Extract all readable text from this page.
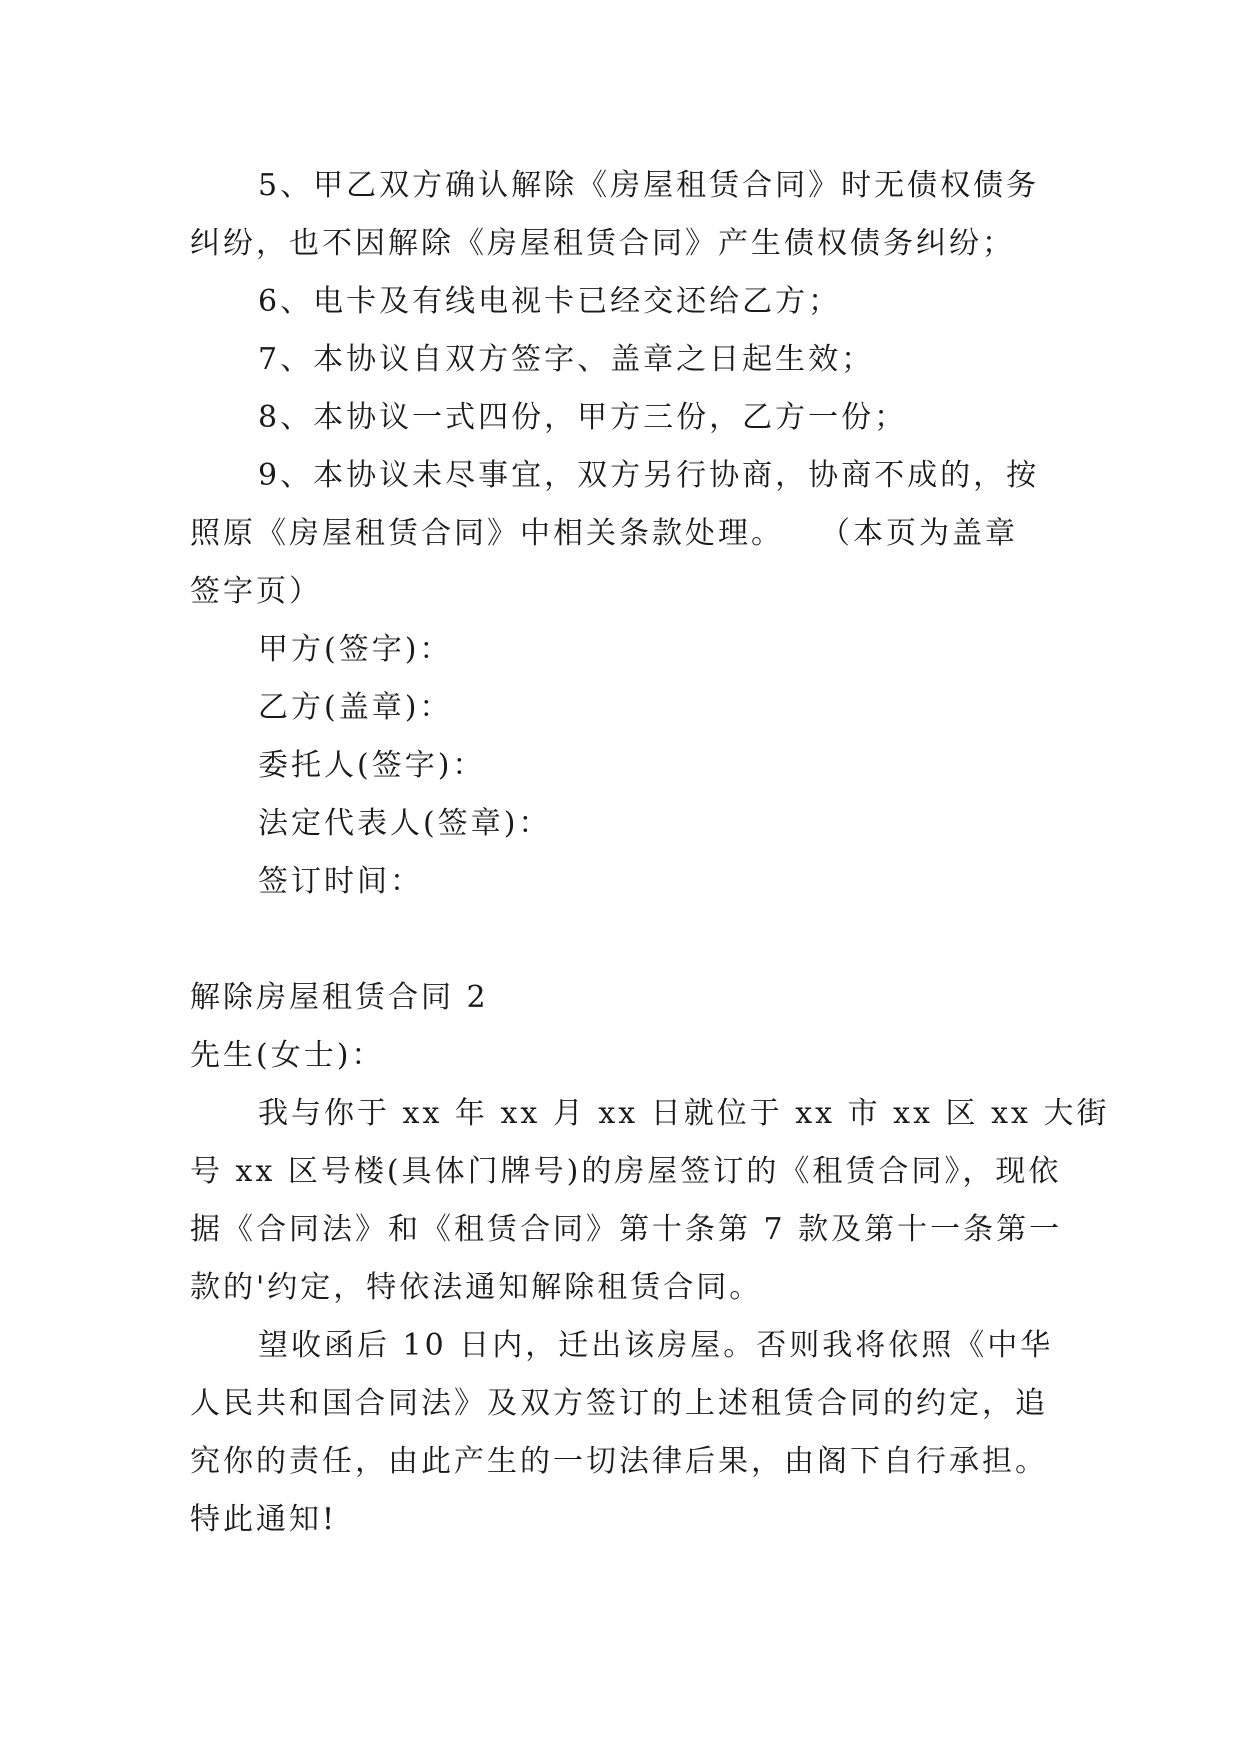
5、甲乙双方确认解除《房屋租赁合同》时无债权债务
纠纷，也不因解除《房屋租赁合同》产生债权债务纠纷；
6、电卡及有线电视卡已经交还给乙方；
7、本协议自双方签字、盖章之日起生效；
8、本协议一式四份，甲方三份，乙方一份；
9、本协议未尽事宜，双方另行协商，协商不成的，按
照原《房屋租赁合同》中相关条款处理。　　（本页为盖章
签字页）
甲方(签字)：
乙方(盖章)：
委托人(签字)：
法定代表人(签章)：
签订时间：
解除房屋租赁合同 2
先生(女士)：
我与你于 xx 年 xx 月 xx 日就位于 xx 市 xx 区 xx 大街
号 xx 区号楼(具体门牌号)的房屋签订的《租赁合同》，现依
据《合同法》和《租赁合同》第十条第 7 款及第十一条第一
款的'约定，特依法通知解除租赁合同。
望收函后 10 日内，迁出该房屋。否则我将依照《中华
人民共和国合同法》及双方签订的上述租赁合同的约定，追
究你的责任，由此产生的一切法律后果，由阁下自行承担。
特此通知!
